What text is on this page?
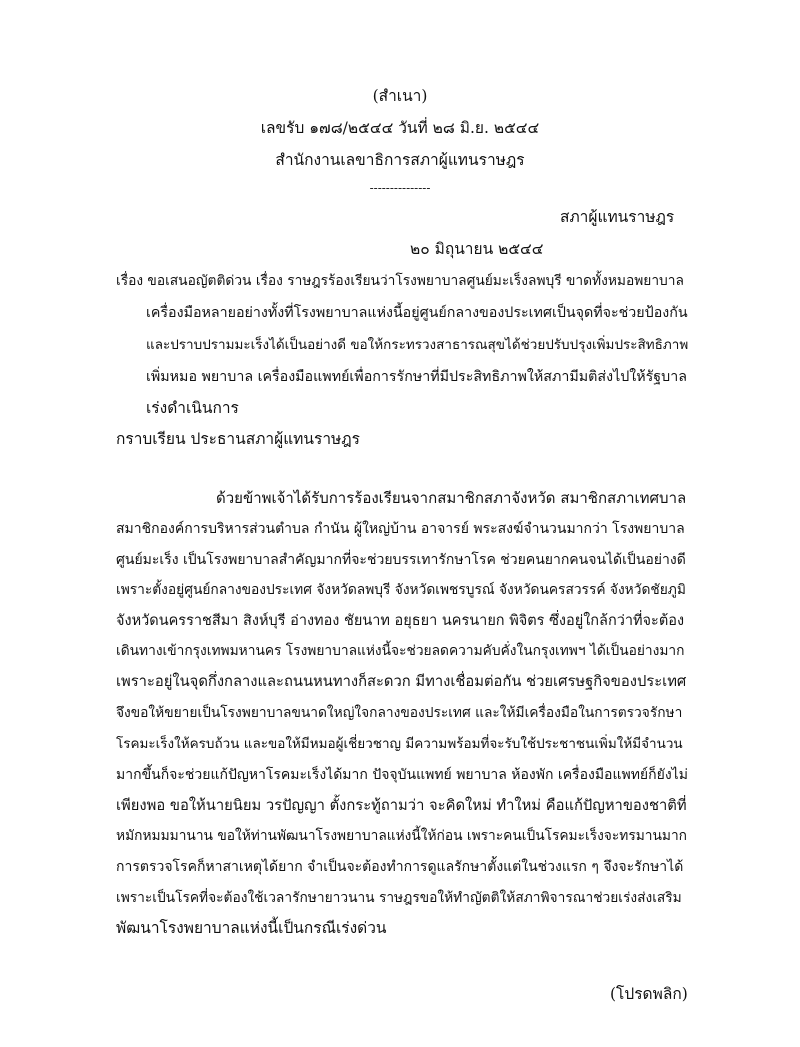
(สำเนา)
เลขรับ ๑๗๘/๒๕๔๔ วันที่ ๒๘ มิ.ย. ๒๕๔๔
สำนักงานเลขาธิการสภาผู้แทนราษฎร
---------------
สภาผู้แทนราษฎร
๒๐ มิถุนายน ๒๕๔๔
เรื่อง ขอเสนอญัตติด่วน เรื่อง ราษฎรร้องเรียนว่าโรงพยาบาลศูนย์มะเร็งลพบุรี ขาดทั้งหมอพยาบาล
เครื่องมือหลายอย่างทั้งที่โรงพยาบาลแห่งนี้อยู่ศูนย์กลางของประเทศเป็นจุดที่จะช่วยป้องกัน
และปราบปรามมะเร็งได้เป็นอย่างดี ขอให้กระทรวงสาธารณสุขได้ช่วยปรับปรุงเพิ่มประสิทธิภาพ
เพิ่มหมอ พยาบาล เครื่องมือแพทย์เพื่อการรักษาที่มีประสิทธิภาพให้สภามีมติส่งไปให้รัฐบาล
เร่งดำเนินการ
กราบเรียน ประธานสภาผู้แทนราษฎร
ด้วยข้าพเจ้าได้รับการร้องเรียนจากสมาชิกสภาจังหวัด สมาชิกสภาเทศบาล
สมาชิกองค์การบริหารส่วนตำบล กำนัน ผู้ใหญ่บ้าน อาจารย์ พระสงฆ์จำนวนมากว่า โรงพยาบาล
ศูนย์มะเร็ง เป็นโรงพยาบาลสำคัญมากที่จะช่วยบรรเทารักษาโรค ช่วยคนยากคนจนได้เป็นอย่างดี
เพราะตั้งอยู่ศูนย์กลางของประเทศ จังหวัดลพบุรี จังหวัดเพชรบูรณ์ จังหวัดนครสวรรค์ จังหวัดชัยภูมิ
จังหวัดนครราชสีมา สิงห์บุรี อ่างทอง ชัยนาท อยุธยา นครนายก พิจิตร ซึ่งอยู่ใกล้กว่าที่จะต้อง
เดินทางเข้ากรุงเทพมหานคร โรงพยาบาลแห่งนี้จะช่วยลดความคับคั่งในกรุงเทพฯ ได้เป็นอย่างมาก
เพราะอยู่ในจุดกึ่งกลางและถนนหนทางก็สะดวก มีทางเชื่อมต่อกัน ช่วยเศรษฐกิจของประเทศ
จึงขอให้ขยายเป็นโรงพยาบาลขนาดใหญ่ใจกลางของประเทศ และให้มีเครื่องมือในการตรวจรักษา
โรคมะเร็งให้ครบถ้วน และขอให้มีหมอผู้เชี่ยวชาญ มีความพร้อมที่จะรับใช้ประชาชนเพิ่มให้มีจำนวน
มากขึ้นก็จะช่วยแก้ปัญหาโรคมะเร็งได้มาก ปัจจุบันแพทย์ พยาบาล ห้องพัก เครื่องมือแพทย์ก็ยังไม่
เพียงพอ ขอให้นายนิยม วรปัญญา ตั้งกระทู้ถามว่า จะคิดใหม่ ทำใหม่ คือแก้ปัญหาของชาติที่
หมักหมมมานาน ขอให้ท่านพัฒนาโรงพยาบาลแห่งนี้ให้ก่อน เพราะคนเป็นโรคมะเร็งจะทรมานมาก
การตรวจโรคก็หาสาเหตุได้ยาก จำเป็นจะต้องทำการดูแลรักษาตั้งแต่ในช่วงแรก ๆ จึงจะรักษาได้
เพราะเป็นโรคที่จะต้องใช้เวลารักษายาวนาน ราษฎรขอให้ทำญัตติให้สภาพิจารณาช่วยเร่งส่งเสริม
พัฒนาโรงพยาบาลแห่งนี้เป็นกรณีเร่งด่วน
(โปรดพลิก)
